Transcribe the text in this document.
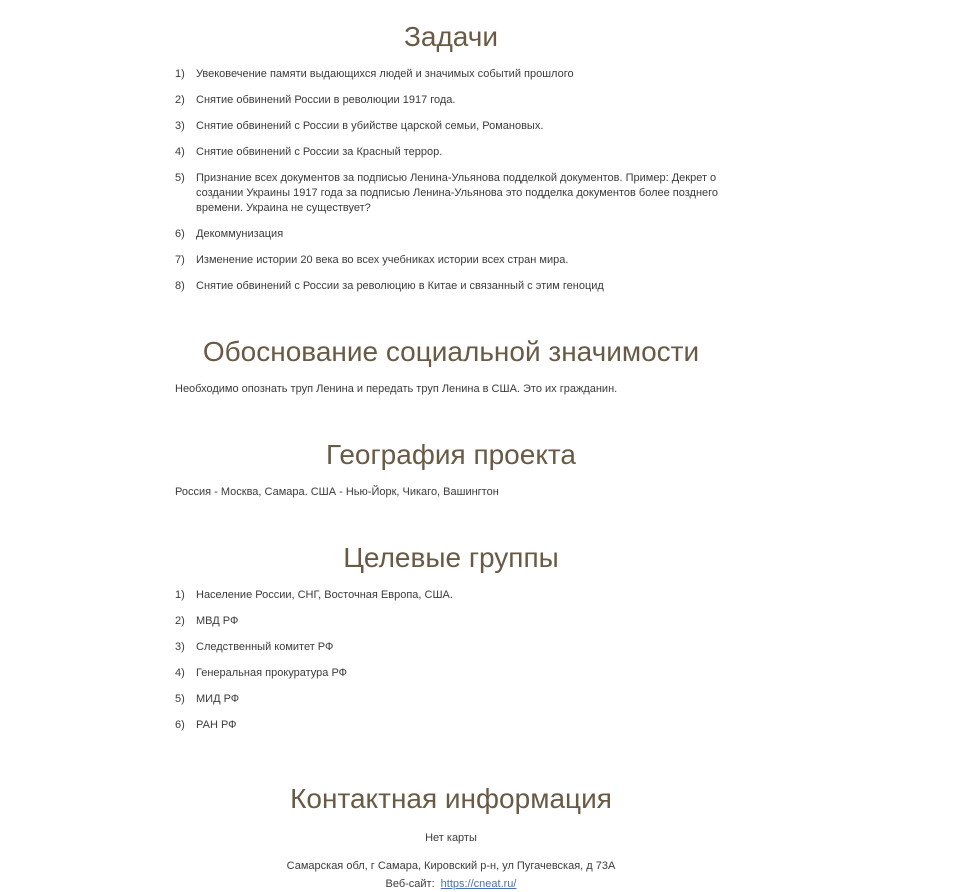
Задачи
1)	Увековечение памяти выдающихся людей и значимых событий прошлого
2)	Снятие обвинений России в революции 1917 года.
3)	Снятие обвинений с России в убийстве царской семьи, Романовых.
4)	Снятие обвинений с России за Красный террор.
5)	Признание всех документов за подписью Ленина-Ульянова подделкой документов. Пример: Декрет о создании Украины 1917 года за подписью Ленина-Ульянова это подделка документов более позднего времени. Украина не существует?
6)	Декоммунизация
7)	Изменение истории 20 века во всех учебниках истории всех стран мира.
8)	Снятие обвинений с России за революцию в Китае и связанный с этим геноцид
Обоснование социальной значимости

Необходимо опознать труп Ленина и передать труп Ленина в США. Это их гражданин.

География проекта

Россия - Москва, Самара. США - Нью-Йорк, Чикаго, Вашингтон

Целевые группы
1)	Население России, СНГ, Восточная Европа, США.
2)	МВД РФ
3)	Следственный комитет РФ
4)	Генеральная прокуратура РФ
5)	МИД РФ
6)	РАН РФ
Контактная информация

Нет карты

Самарская обл, г Самара, Кировский р-н, ул Пугачевская, д 73А

Веб-сайт: https://cneat.ru/
